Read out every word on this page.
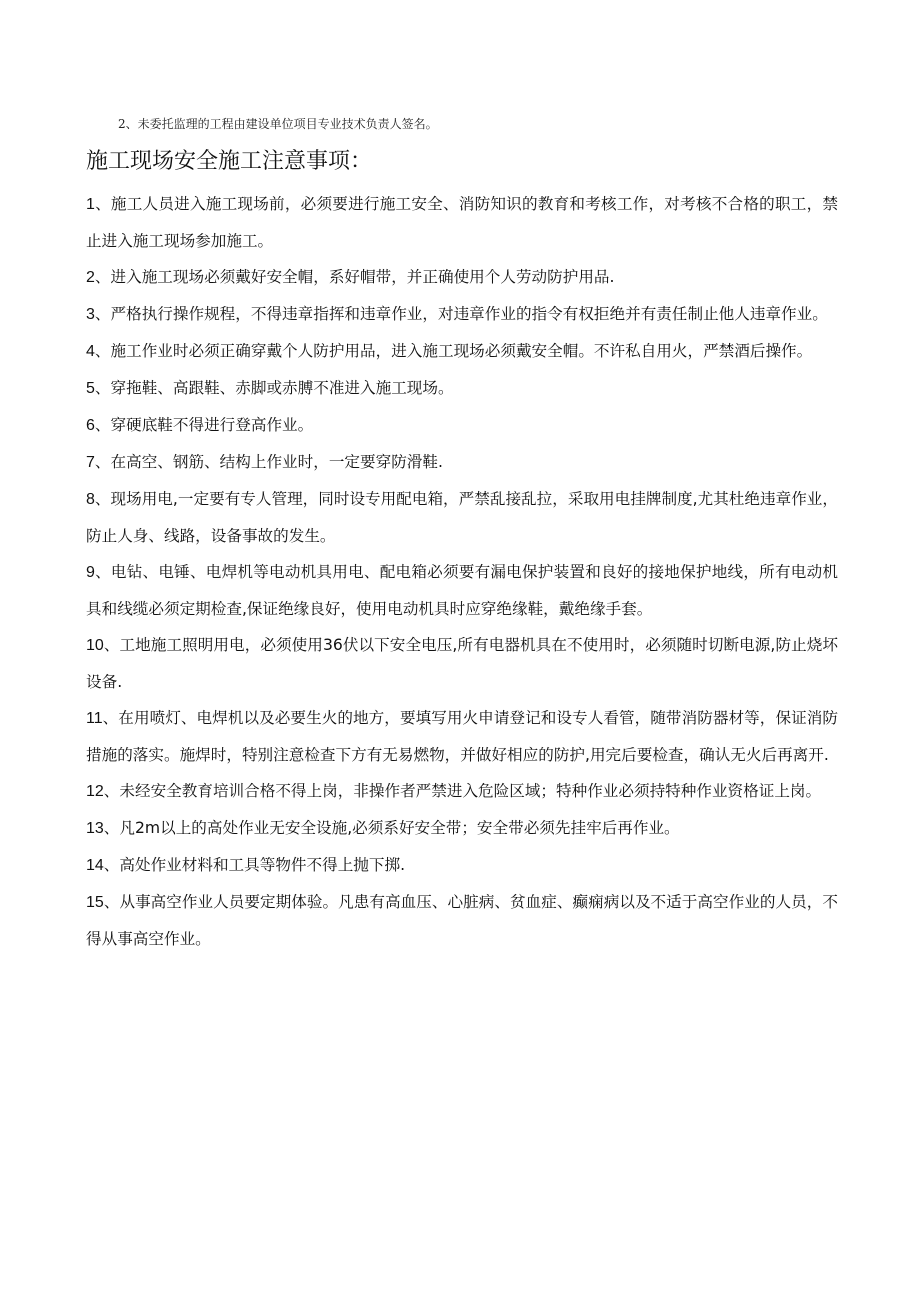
2、未委托监理的工程由建设单位项目专业技术负责人签名。
施工现场安全施工注意事项：

1、施工人员进入施工现场前，必须要进行施工安全、消防知识的教育和考核工作，对考核不合格的职工，禁止进入施工现场参加施工。

2、进入施工现场必须戴好安全帽，系好帽带，并正确使用个人劳动防护用品.

3、严格执行操作规程，不得违章指挥和违章作业，对违章作业的指令有权拒绝并有责任制止他人违章作业。

4、施工作业时必须正确穿戴个人防护用品，进入施工现场必须戴安全帽。不许私自用火，严禁酒后操作。

5、穿拖鞋、高跟鞋、赤脚或赤膊不准进入施工现场。

6、穿硬底鞋不得进行登高作业。

7、在高空、钢筋、结构上作业时，一定要穿防滑鞋.

8、现场用电,一定要有专人管理，同时设专用配电箱，严禁乱接乱拉，采取用电挂牌制度,尤其杜绝违章作业，防止人身、线路，设备事故的发生。

9、电钻、电锤、电焊机等电动机具用电、配电箱必须要有漏电保护装置和良好的接地保护地线，所有电动机具和线缆必须定期检查,保证绝缘良好，使用电动机具时应穿绝缘鞋，戴绝缘手套。

10、工地施工照明用电，必须使用36伏以下安全电压,所有电器机具在不使用时，必须随时切断电源,防止烧坏设备.

11、在用喷灯、电焊机以及必要生火的地方，要填写用火申请登记和设专人看管，随带消防器材等，保证消防措施的落实。施焊时，特别注意检查下方有无易燃物，并做好相应的防护,用完后要检查，确认无火后再离开.

12、未经安全教育培训合格不得上岗，非操作者严禁进入危险区域；特种作业必须持特种作业资格证上岗。

13、凡2m以上的高处作业无安全设施,必须系好安全带；安全带必须先挂牢后再作业。

14、高处作业材料和工具等物件不得上抛下掷.

15、从事高空作业人员要定期体验。凡患有高血压、心脏病、贫血症、癫痫病以及不适于高空作业的人员，不得从事高空作业。
